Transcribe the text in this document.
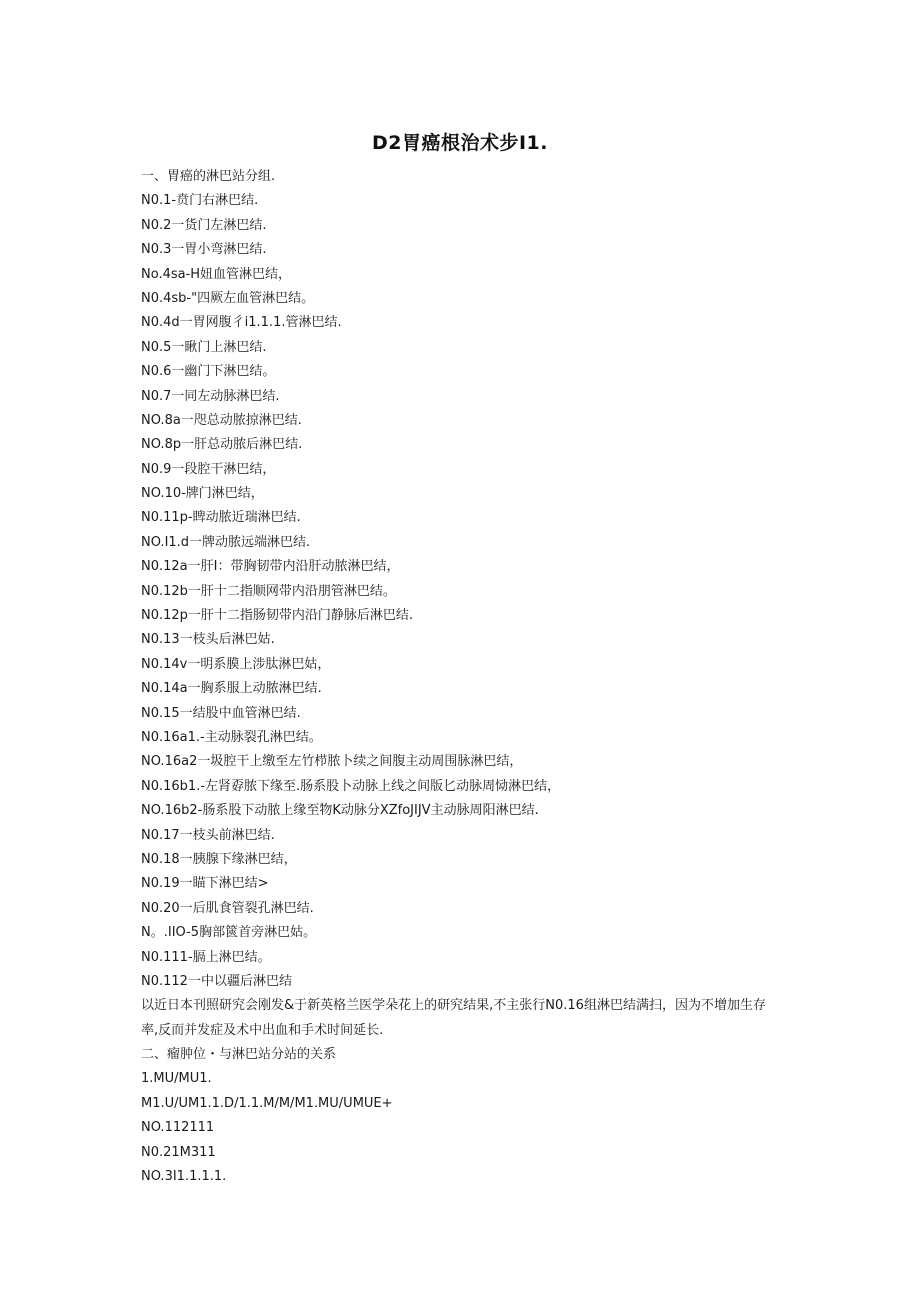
D2胃癌根治术步I1.
一、胃癌的淋巴站分组.
N0.1-贲门右淋巴结.
N0.2一货门左淋巴结.
N0.3一胃小弯淋巴结.
No.4sa-H妞血管淋巴结，
N0.4sb-"四厥左血管淋巴结。
N0.4d一胃网腹彳i1.1.1.管淋巴结.
N0.5一瞅门上淋巴结.
N0.6一幽门下淋巴结。
N0.7一同左动脉淋巴结.
NO.8a一咫总动脓掠淋巴结.
NO.8p一肝总动脓后淋巴结.
N0.9一段腔干淋巴结，
NO.10-牌门淋巴结，
N0.11p-睥动脓近瑞淋巴结.
NO.I1.d一牌动脓远端淋巴结.
N0.12a一肝I：带胸韧带内沿肝动脓淋巴结，
N0.12b一肝十二指顺网带内沿朋管淋巴结。
N0.12p一肝十二指肠韧带内沿门静脉后淋巴结.
N0.13一枝头后淋巴姑.
N0.14v一明系膜上涉肽淋巴姑，
N0.14a一胸系服上动脓淋巴结.
N0.15一结股中血管淋巴结.
N0.16a1.-主动脉裂孔淋巴结。
NO.16a2一圾腔干上缴至左竹栉脓卜续之间腹主动周围脉淋巴结，
N0.16b1.-左肾孬脓下缘至.肠系股卜动脉上线之间版匕动脉周恸淋巴结，
NO.16b2-肠系股下动脓上缘至物K动脉分XZfoJIJV主动脉周阳淋巴结.
N0.17一枝头前淋巴结.
N0.18一胰腺下缘淋巴结，
N0.19一瞄下淋巴结>
N0.20一后肌食管裂孔淋巴结.
N。.IIO-5胸部篋首旁淋巴姑。
N0.111-膈上淋巴结。
N0.112一中以疆后淋巴结
以近日本刊照研究会刚发&于新英格兰医学朵花上的研究结果,不主张行N0.16组淋巴结满扫，因为不增加生存率,反而并发症及术中出血和手术时间延长.
二、瘤肿位・与淋巴站分站的关系
1.MU/MU1.
M1.U/UM1.1.D/1.1.M/M/M1.MU/UMUE+
NO.112111
N0.21M311
NO.3I1.1.1.1.
